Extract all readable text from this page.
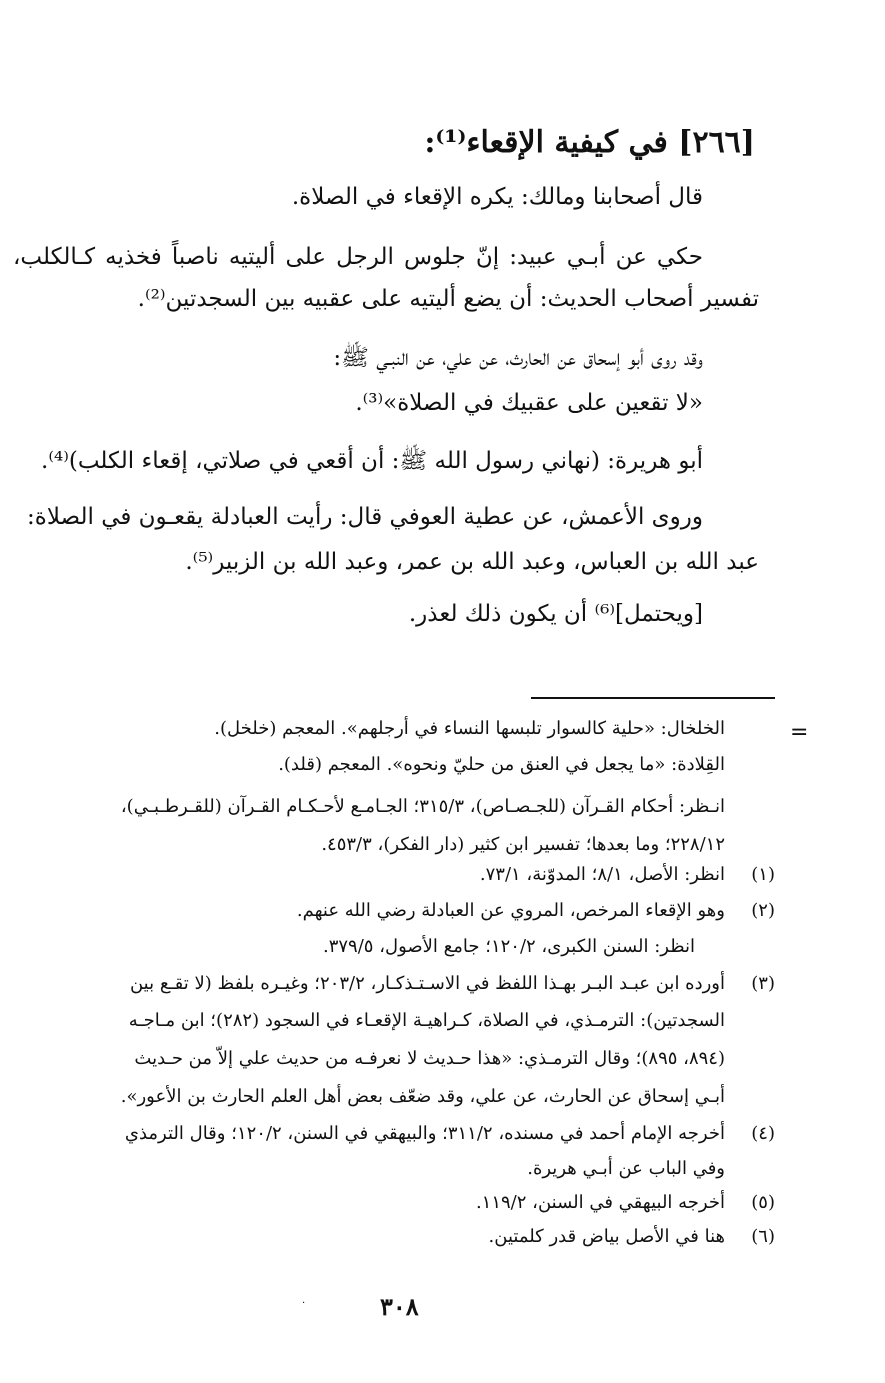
[٢٦٦] في كيفية الإقعاء⁽¹⁾:
قال أصحابنا ومالك: يكره الإقعاء في الصلاة.
حكي عن أبـي عبيد: إنّ جلوس الرجل على أليتيه ناصباً فخذيه كـالكلب،
تفسير أصحاب الحديث: أن يضع أليتيه على عقبيه بين السجدتين⁽²⁾.
وقد روى أبو إسحاق عن الحارث، عن علي، عن النبـي ﷺ:
«لا تقعين على عقبيك في الصلاة»⁽³⁾.
أبو هريرة: (نهاني رسول الله ﷺ: أن أقعي في صلاتي، إقعاء الكلب)⁽⁴⁾.
وروى الأعمش، عن عطية العوفي قال: رأيت العبادلة يقعـون في الصلاة:
عبد الله بن العباس، وعبد الله بن عمر، وعبد الله بن الزبير⁽⁵⁾.
[ويحتمل]⁽⁶⁾ أن يكون ذلك لعذر.
=
الخلخال: «حلية كالسوار تلبسها النساء في أرجلهم». المعجم (خلخل).
القِلادة: «ما يجعل في العنق من حليّ ونحوه». المعجم (قلد).
انـظر: أحكام القـرآن (للجـصـاص)، ٣١٥/٣؛ الجـامـع لأحـكـام القـرآن (للقـرطـبـي)،
٢٢٨/١٢؛ وما بعدها؛ تفسير ابن كثير (دار الفكر)، ٤٥٣/٣.
(١)
انظر: الأصل، ٨/١؛ المدوّنة، ٧٣/١.
(٢)
وهو الإقعاء المرخص، المروي عن العبادلة رضي الله عنهم.
انظر: السنن الكبرى، ١٢٠/٢؛ جامع الأصول، ٣٧٩/٥.
(٣)
أورده ابن عبـد البـر بهـذا اللفظ في الاسـتـذكـار، ٢٠٣/٢؛ وغيـره بلفظ (لا تقـع بين
السجدتين): الترمـذي، في الصلاة، كـراهيـة الإقعـاء في السجود (٢٨٢)؛ ابن مـاجـه
(٨٩٤، ٨٩٥)؛ وقال الترمـذي: «هذا حـديث لا نعرفـه من حديث علي إلاّ من حـديث
أبـي إسحاق عن الحارث، عن علي، وقد ضعّف بعض أهل العلم الحارث بن الأعور».
(٤)
أخرجه الإمام أحمد في مسنده، ٣١١/٢؛ والبيهقي في السنن، ١٢٠/٢؛ وقال الترمذي
وفي الباب عن أبـي هريرة.
(٥)
أخرجه البيهقي في السنن، ١١٩/٢.
(٦)
هنا في الأصل بياض قدر كلمتين.
·	٣٠٨
